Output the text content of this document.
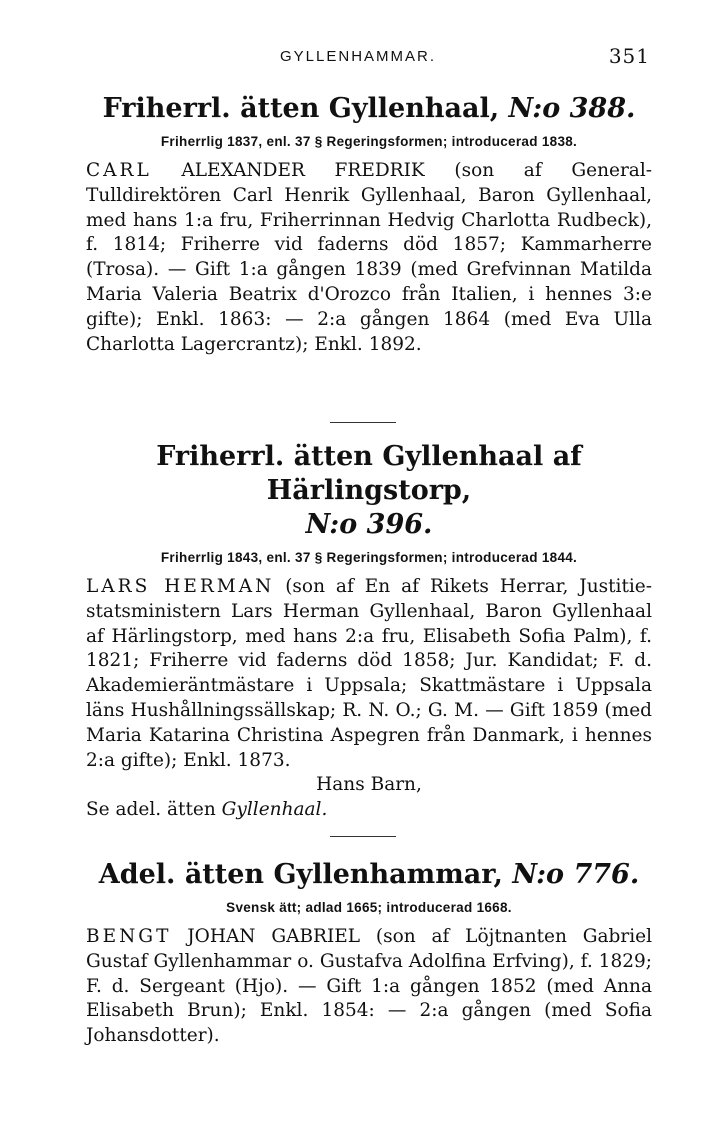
GYLLENHAMMAR.	351
Friherrl. ätten Gyllenhaal, N:o 388.
Friherrlig 1837, enl. 37 § Regeringsformen; introducerad 1838.

CARL ALEXANDER FREDRIK (son af General-Tulldirektören Carl Henrik Gyllenhaal, Baron Gyllenhaal, med hans 1:a fru, Friherrinnan Hedvig Charlotta Rudbeck), f. 1814; Friherre vid faderns död 1857; Kammarherre (Trosa). — Gift 1:a gången 1839 (med Grefvinnan Matilda Maria Valeria Beatrix d'Orozco från Italien, i hennes 3:e gifte); Enkl. 1863: — 2:a gången 1864 (med Eva Ulla Charlotta Lagercrantz); Enkl. 1892.

Friherrl. ätten Gyllenhaal af Härlingstorp,
N:o 396.
Friherrlig 1843, enl. 37 § Regeringsformen; introducerad 1844.

LARS HERMAN (son af En af Rikets Herrar, Justitie-statsministern Lars Herman Gyllenhaal, Baron Gyllenhaal af Härlingstorp, med hans 2:a fru, Elisabeth Sofia Palm), f. 1821; Friherre vid faderns död 1858; Jur. Kandidat; F. d. Akademieräntmästare i Uppsala; Skattmästare i Uppsala läns Hushållningssällskap; R. N. O.; G. M. — Gift 1859 (med Maria Katarina Christina Aspegren från Danmark, i hennes 2:a gifte); Enkl. 1873.
Hans Barn,
Se adel. ätten Gyllenhaal.

Adel. ätten Gyllenhammar, N:o 776.
Svensk ätt; adlad 1665; introducerad 1668.

BENGT JOHAN GABRIEL (son af Löjtnanten Gabriel Gustaf Gyllenhammar o. Gustafva Adolfina Erfving), f. 1829; F. d. Sergeant (Hjo). — Gift 1:a gången 1852 (med Anna Elisabeth Brun); Enkl. 1854: — 2:a gången (med Sofia Johansdotter).
